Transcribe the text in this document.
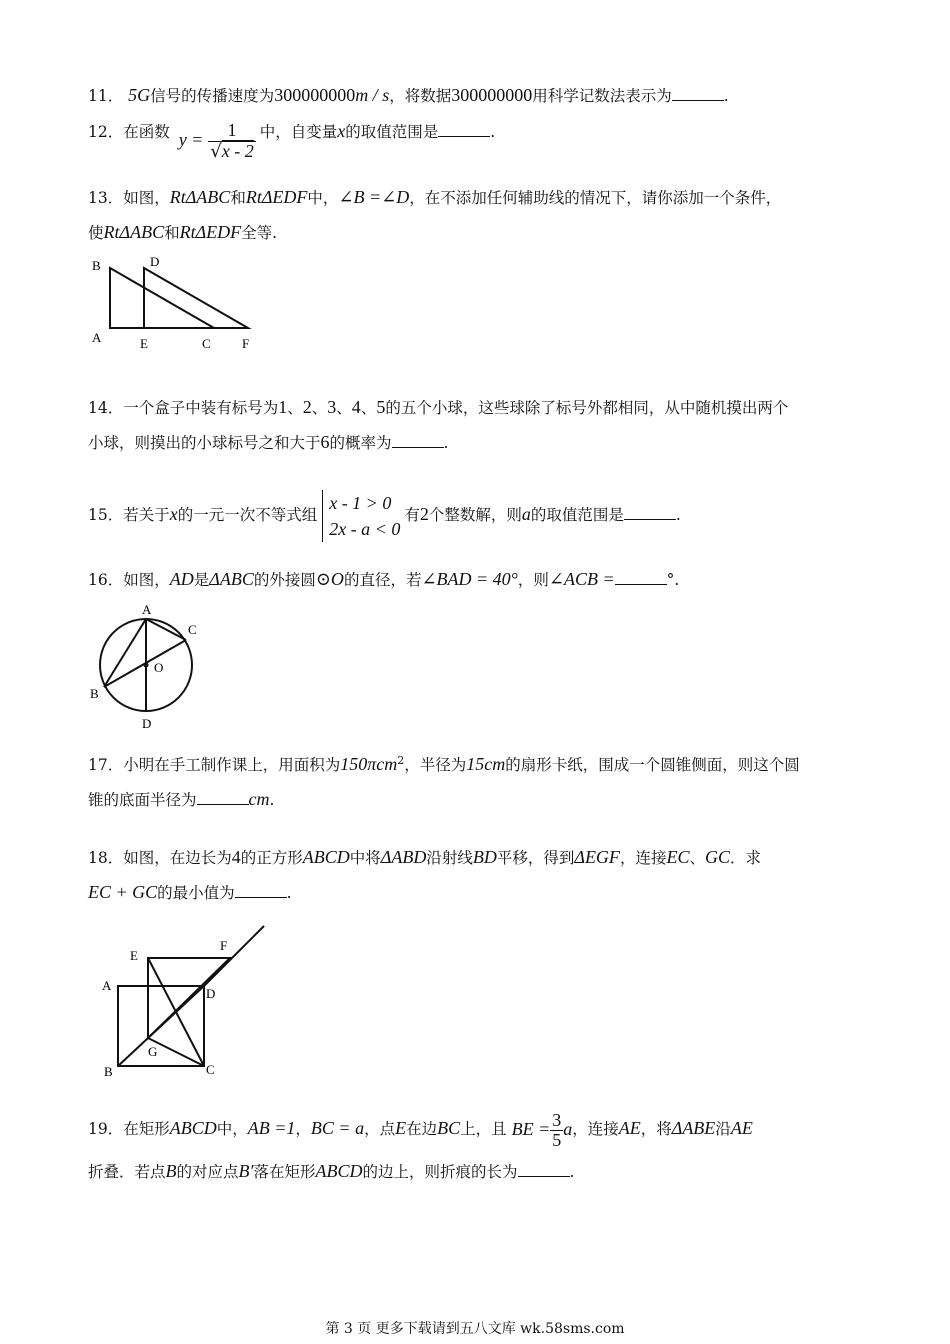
11． 5G信号的传播速度为300000000m / s，将数据300000000用科学记数法表示为	.
12．在函数 $y = \frac{1}{√x - 2}$ 中，自变量x的取值范围是	.
13．如图，RtΔABC和RtΔEDF中，∠B =∠D，在不添加任何辅助线的情况下，请你添加一个条件，
使RtΔABC和RtΔEDF全等.
B	D
A	E	C F
14．一个盒子中装有标号为1、2、3、4、5的五个小球，这些球除了标号外都相同，从中随机摸出两个
小球，则摸出的小球标号之和大于6的概率为	.
15．若关于x的一元一次不等式组
x - 1 > 0
2x - a < 0
有2个整数解，则a的取值范围是	.
16．如图，AD是ΔABC的外接圆⊙O的直径，若∠BAD = 40°，则∠ACB =	°.
A
C
O
B
D
17．小明在手工制作课上，用面积为150πcm$^2$，半径为15cm的扇形卡纸，围成一个圆锥侧面，则这个圆
锥的底面半径为	cm.
18．如图，在边长为4的正方形ABCD中将ΔABD沿射线BD平移，得到ΔEGF，连接EC、GC．求
EC + GC的最小值为	.
E
F
A
D
G
B	C
19．在矩形ABCD中，AB =1，BC = a，点E在边BC上，且 BE = $\frac{3}{5}$ a，连接AE，将ΔABE沿AE
折叠．若点B的对应点B′落在矩形ABCD的边上，则折痕的长为	.
第 3 页 更多下载请到五八文库 wk.58sms.com
